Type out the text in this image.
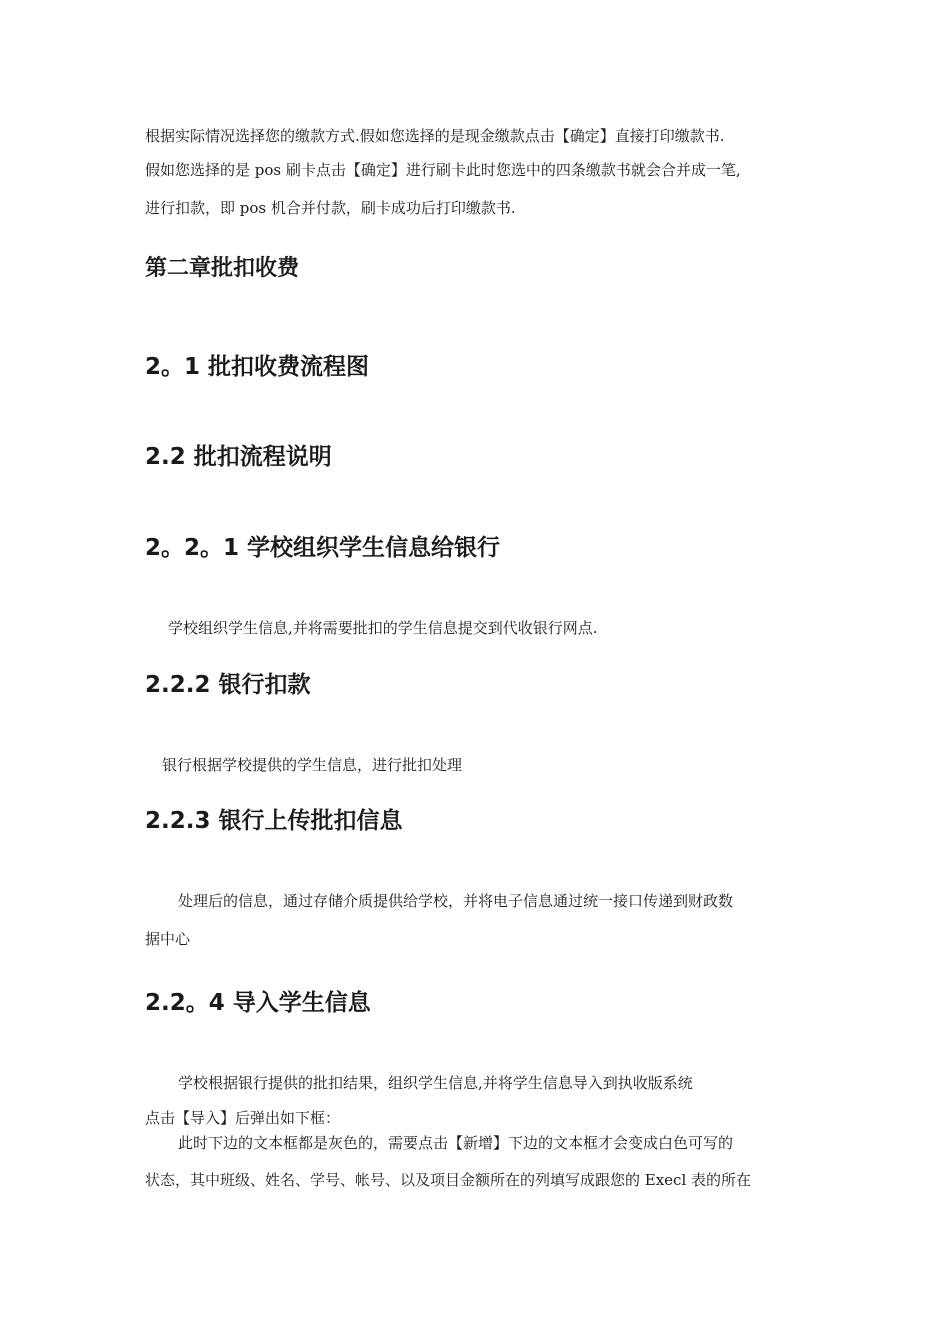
根据实际情况选择您的缴款方式.假如您选择的是现金缴款点击【确定】直接打印缴款书.
假如您选择的是 pos 刷卡点击【确定】进行刷卡此时您选中的四条缴款书就会合并成一笔,
进行扣款，即 pos 机合并付款，刷卡成功后打印缴款书.
第二章批扣收费
2。1 批扣收费流程图
2.2 批扣流程说明
2。2。1 学校组织学生信息给银行
学校组织学生信息,并将需要批扣的学生信息提交到代收银行网点.
2.2.2 银行扣款
银行根据学校提供的学生信息，进行批扣处理
2.2.3 银行上传批扣信息
处理后的信息，通过存储介质提供给学校，并将电子信息通过统一接口传递到财政数
据中心
2.2。4 导入学生信息
学校根据银行提供的批扣结果，组织学生信息,并将学生信息导入到执收版系统
点击【导入】后弹出如下框：
此时下边的文本框都是灰色的，需要点击【新增】下边的文本框才会变成白色可写的
状态，其中班级、姓名、学号、帐号、以及项目金额所在的列填写成跟您的 Execl 表的所在
